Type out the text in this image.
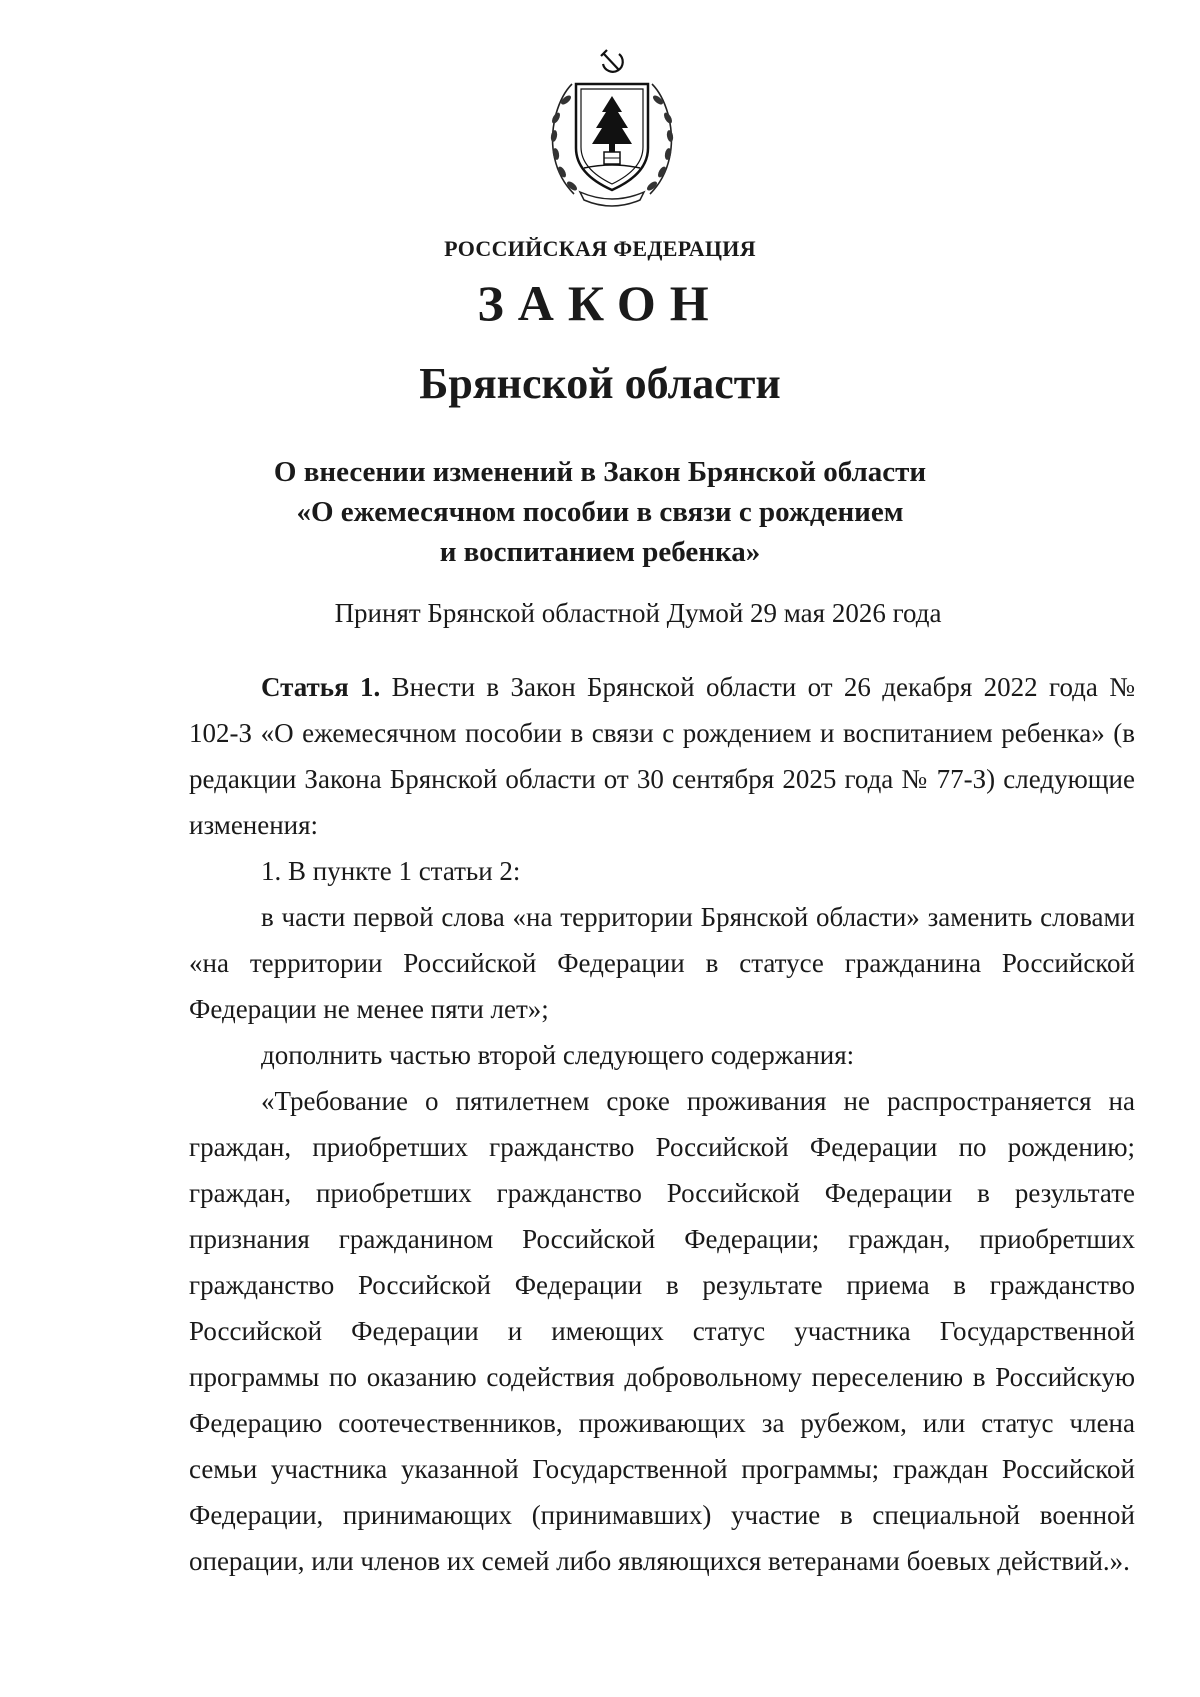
РОССИЙСКАЯ ФЕДЕРАЦИЯ
ЗАКОН
Брянской области
О внесении изменений в Закон Брянской области
«О ежемесячном пособии в связи с рождением
и воспитанием ребенка»
Принят Брянской областной Думой 29 мая 2026 года

Статья 1. Внести в Закон Брянской области от 26 декабря 2022 года № 102-З «О ежемесячном пособии в связи с рождением и воспитанием ребенка» (в редакции Закона Брянской области от 30 сентября 2025 года № 77-З) следующие изменения:

1. В пункте 1 статьи 2:

в части первой слова «на территории Брянской области» заменить словами «на территории Российской Федерации в статусе гражданина Российской Федерации не менее пяти лет»;

дополнить частью второй следующего содержания:

«Требование о пятилетнем сроке проживания не распространяется на граждан, приобретших гражданство Российской Федерации по рождению; граждан, приобретших гражданство Российской Федерации в результате признания гражданином Российской Федерации; граждан, приобретших гражданство Российской Федерации в результате приема в гражданство Российской Федерации и имеющих статус участника Государственной программы по оказанию содействия добровольному переселению в Российскую Федерацию соотечественников, проживающих за рубежом, или статус члена семьи участника указанной Государственной программы; граждан Российской Федерации, принимающих (принимавших) участие в специальной военной операции, или членов их семей либо являющихся ветеранами боевых действий.».
